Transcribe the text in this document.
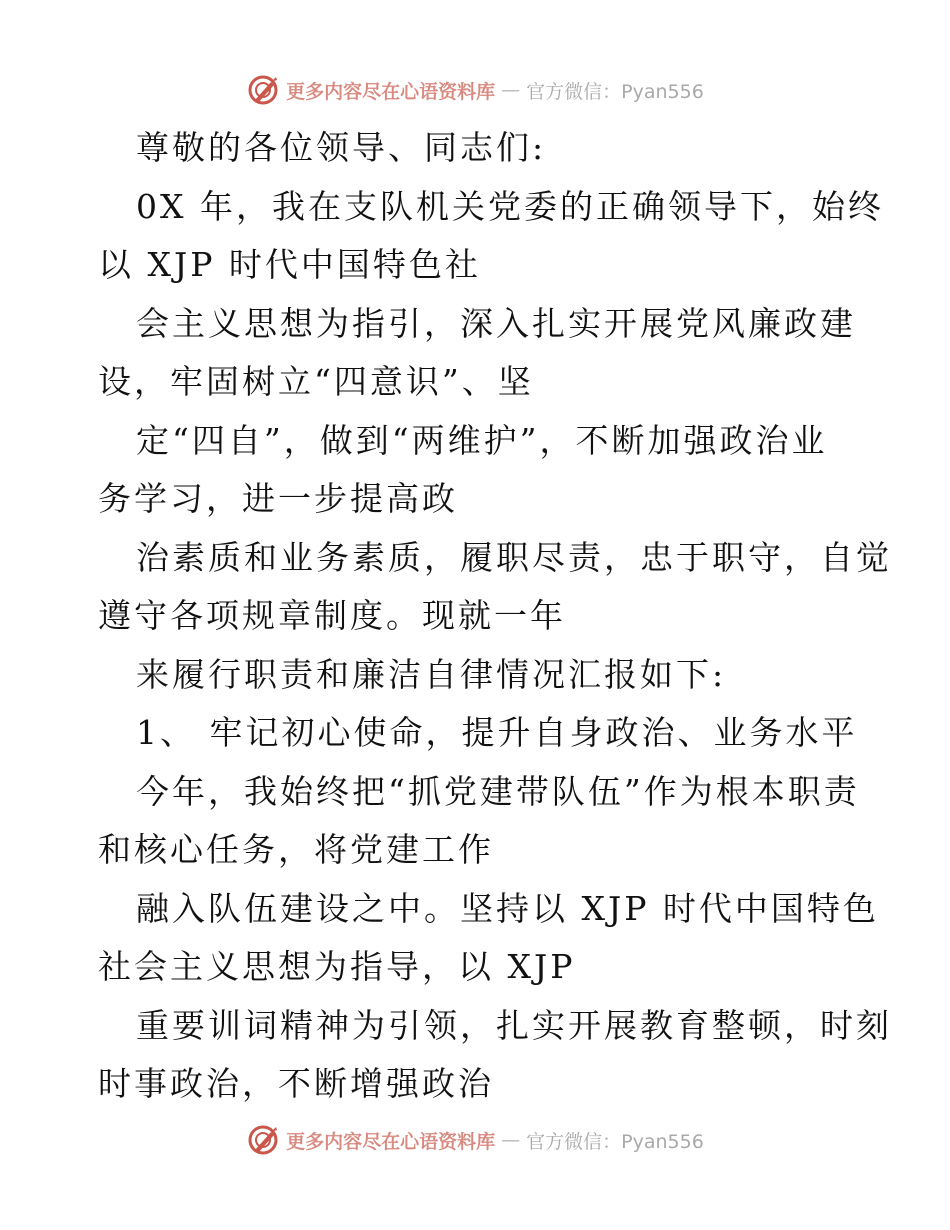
更多内容尽在心语资料库 — 官方微信：Pyan556
尊敬的各位领导、同志们:
0X 年，我在支队机关党委的正确领导下，始终
以 XJP 时代中国特色社
会主义思想为指引，深入扎实开展党风廉政建
设，牢固树立“四意识”、坚
定“四自”，做到“两维护”，不断加强政治业
务学习，进一步提高政
治素质和业务素质，履职尽责，忠于职守，自觉
遵守各项规章制度。现就一年
来履行职责和廉洁自律情况汇报如下:
1、 牢记初心使命，提升自身政治、业务水平
今年，我始终把“抓党建带队伍”作为根本职责
和核心任务，将党建工作
融入队伍建设之中。坚持以 XJP 时代中国特色
社会主义思想为指导，以 XJP
重要训词精神为引领，扎实开展教育整顿，时刻
时事政治，不断增强政治
更多内容尽在心语资料库 — 官方微信：Pyan556
